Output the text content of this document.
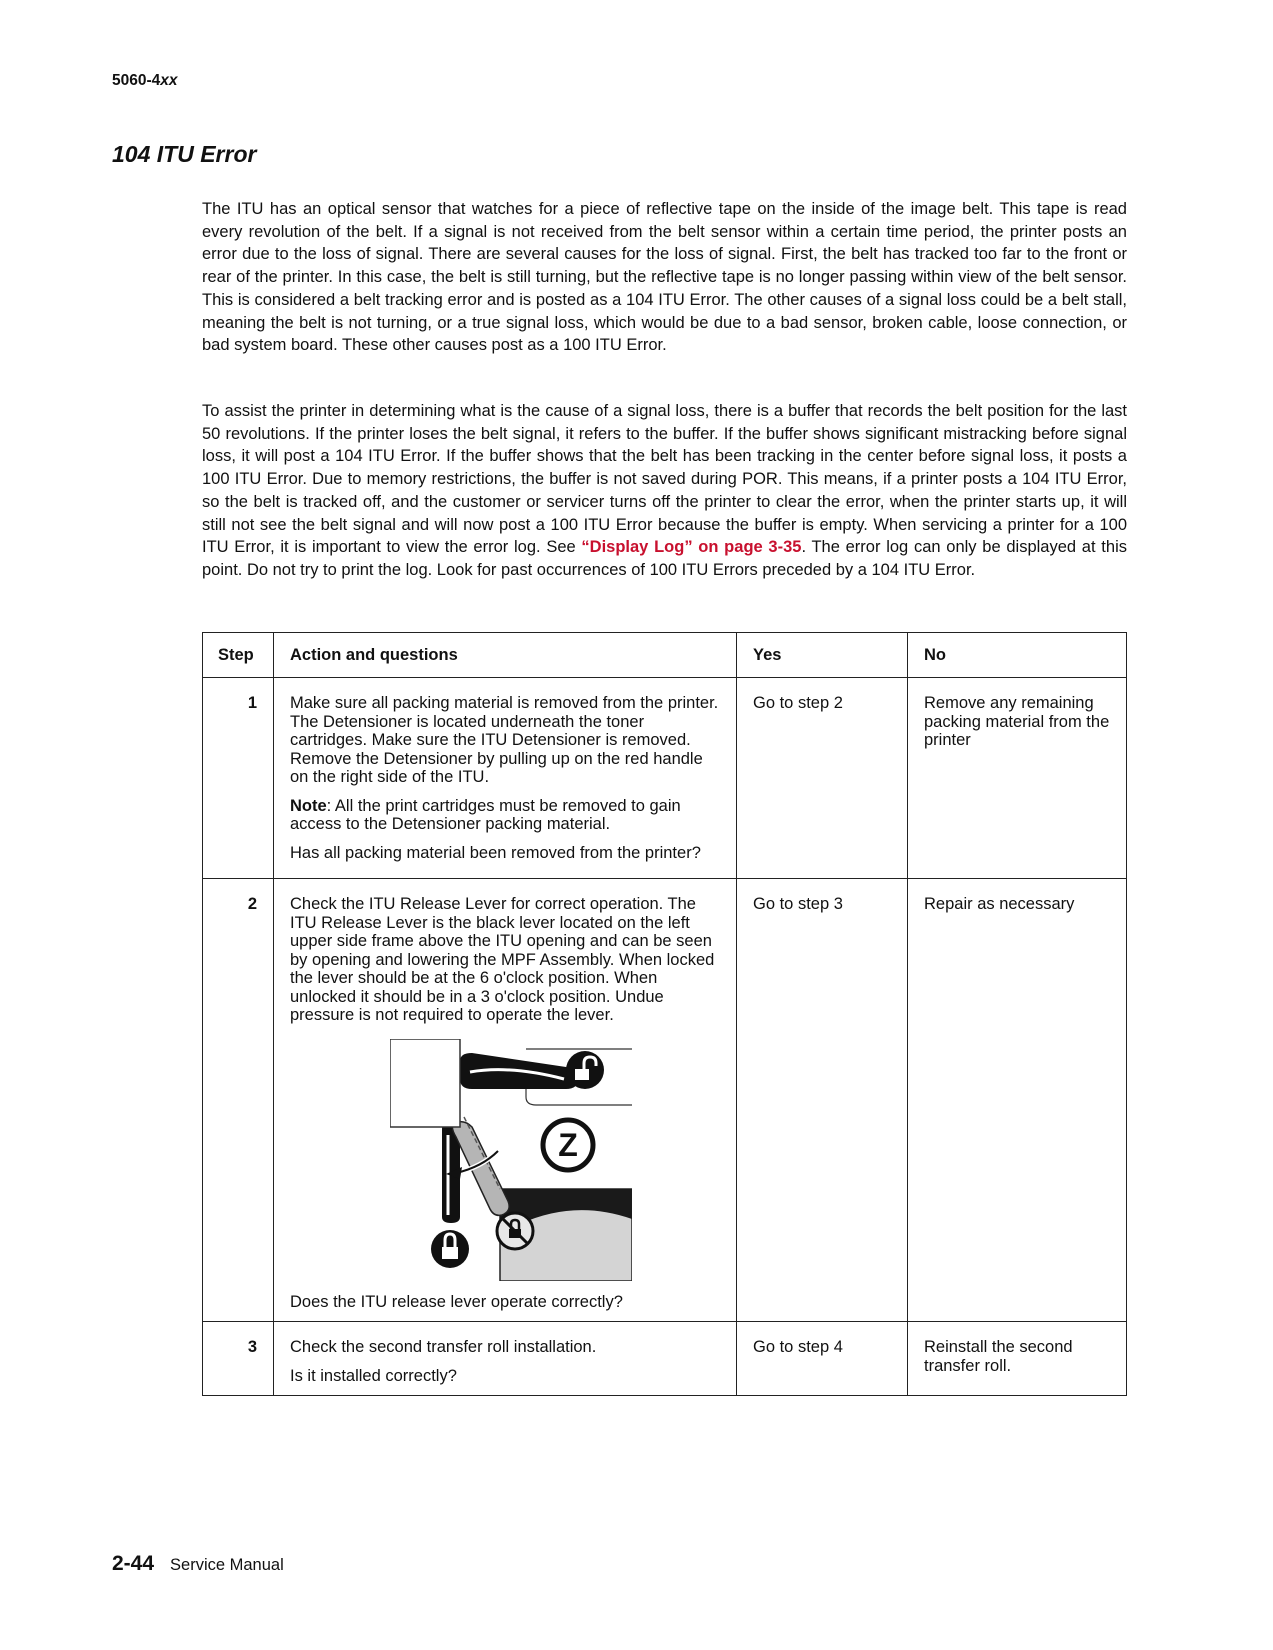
5060-4xx
104 ITU Error

The ITU has an optical sensor that watches for a piece of reflective tape on the inside of the image belt. This tape is read every revolution of the belt. If a signal is not received from the belt sensor within a certain time period, the printer posts an error due to the loss of signal. There are several causes for the loss of signal. First, the belt has tracked too far to the front or rear of the printer. In this case, the belt is still turning, but the reflective tape is no longer passing within view of the belt sensor. This is considered a belt tracking error and is posted as a 104 ITU Error. The other causes of a signal loss could be a belt stall, meaning the belt is not turning, or a true signal loss, which would be due to a bad sensor, broken cable, loose connection, or bad system board. These other causes post as a 100 ITU Error.

To assist the printer in determining what is the cause of a signal loss, there is a buffer that records the belt position for the last 50 revolutions. If the printer loses the belt signal, it refers to the buffer. If the buffer shows significant mistracking before signal loss, it will post a 104 ITU Error. If the buffer shows that the belt has been tracking in the center before signal loss, it posts a 100 ITU Error. Due to memory restrictions, the buffer is not saved during POR. This means, if a printer posts a 104 ITU Error, so the belt is tracked off, and the customer or servicer turns off the printer to clear the error, when the printer starts up, it will still not see the belt signal and will now post a 100 ITU Error because the buffer is empty. When servicing a printer for a 100 ITU Error, it is important to view the error log. See “Display Log” on page 3-35. The error log can only be displayed at this point. Do not try to print the log. Look for past occurrences of 100 ITU Errors preceded by a 104 ITU Error.

Step	Action and questions	Yes	No
1	Make sure all packing material is removed from the printer. The Detensioner is located underneath the toner cartridges. Make sure the ITU Detensioner is removed. Remove the Detensioner by pulling up on the red handle on the right side of the ITU.

Note: All the print cartridges must be removed to gain access to the Detensioner packing material.

Has all packing material been removed from the printer?	Go to step 2	Remove any remaining packing material from the printer
2	Check the ITU Release Lever for correct operation. The ITU Release Lever is the black lever located on the left upper side frame above the ITU opening and can be seen by opening and lowering the MPF Assembly. When locked the lever should be at the 6 o'clock position. When unlocked it should be in a 3 o'clock position. Undue pressure is not required to operate the lever.

Z

Does the ITU release lever operate correctly?	Go to step 3	Repair as necessary
3	Check the second transfer roll installation.

Is it installed correctly?	Go to step 4	Reinstall the second transfer roll.
2-44 Service Manual
